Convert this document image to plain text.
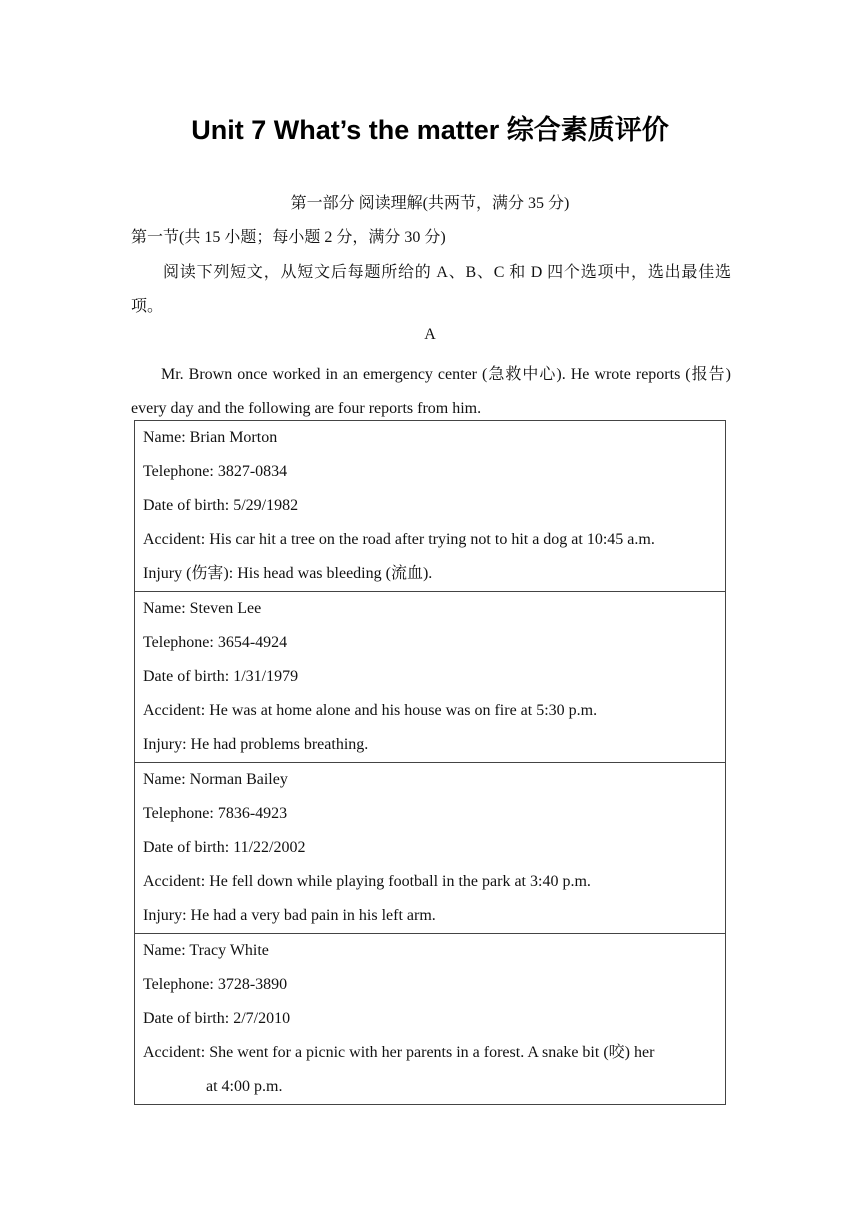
Unit 7 What’s the matter 综合素质评价
第一部分 阅读理解(共两节，满分 35 分)
第一节(共 15 小题；每小题 2 分，满分 30 分)
阅读下列短文，从短文后每题所给的 A、B、C 和 D 四个选项中，选出最佳选项。
A
Mr. Brown once worked in an emergency center (急救中心). He wrote reports (报告) every day and the following are four reports from him.
Name: Brian Morton
Telephone: 3827-0834
Date of birth: 5/29/1982
Accident: His car hit a tree on the road after trying not to hit a dog at 10:45 a.m.
Injury (伤害): His head was bleeding (流血).

Name: Steven Lee
Telephone: 3654-4924
Date of birth: 1/31/1979
Accident: He was at home alone and his house was on fire at 5:30 p.m.
Injury: He had problems breathing.

Name: Norman Bailey
Telephone: 7836-4923
Date of birth: 11/22/2002
Accident: He fell down while playing football in the park at 3:40 p.m.
Injury: He had a very bad pain in his left arm.

Name: Tracy White
Telephone: 3728-3890
Date of birth: 2/7/2010
Accident: She went for a picnic with her parents in a forest. A snake bit (咬) her
at 4:00 p.m.
